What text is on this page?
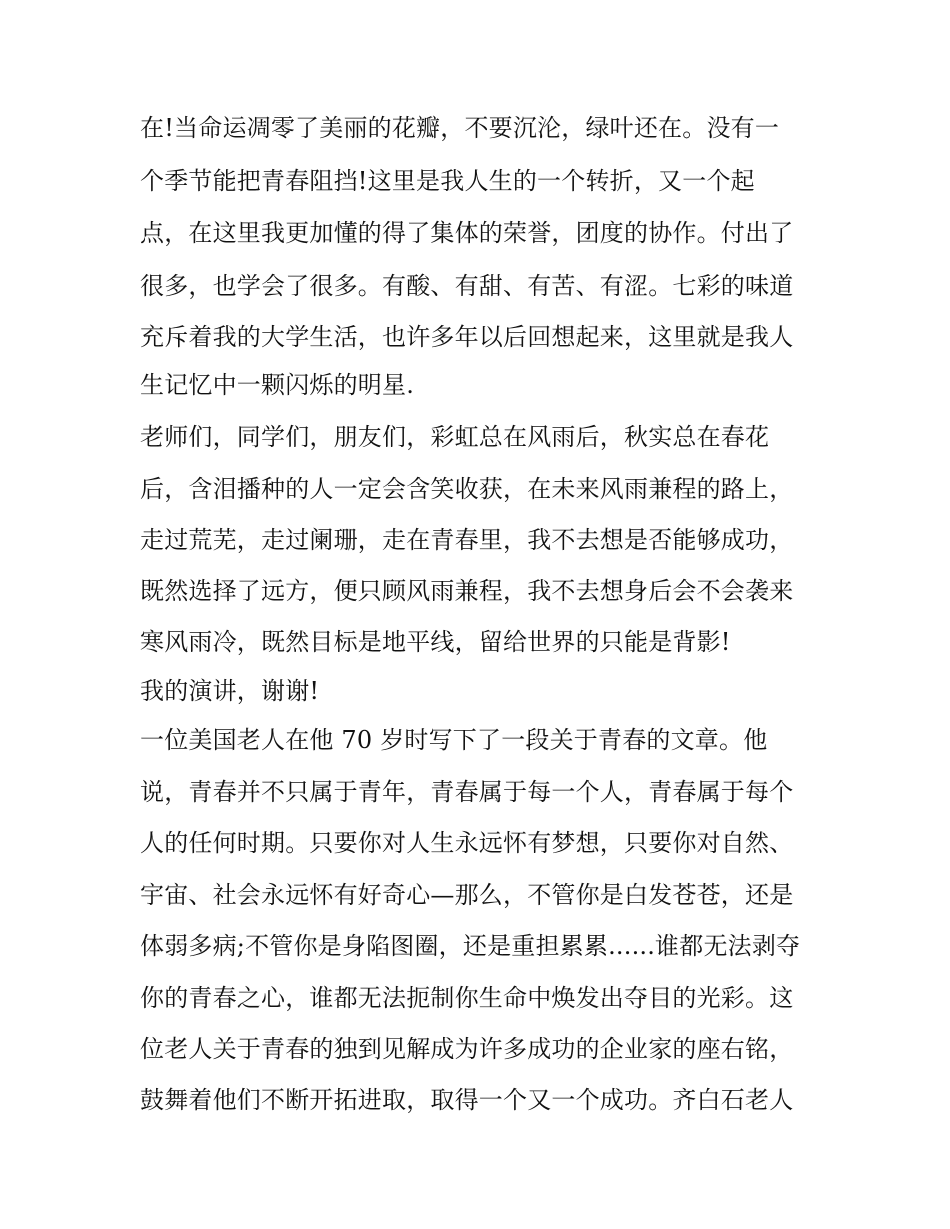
在!当命运凋零了美丽的花瓣，不要沉沦，绿叶还在。没有一
个季节能把青春阻挡!这里是我人生的一个转折，又一个起
点，在这里我更加懂的得了集体的荣誉，团度的协作。付出了
很多，也学会了很多。有酸、有甜、有苦、有涩。七彩的味道
充斥着我的大学生活，也许多年以后回想起来，这里就是我人
生记忆中一颗闪烁的明星.
老师们，同学们，朋友们，彩虹总在风雨后，秋实总在春花
后，含泪播种的人一定会含笑收获，在未来风雨兼程的路上，
走过荒芜，走过阑珊，走在青春里，我不去想是否能够成功，
既然选择了远方，便只顾风雨兼程，我不去想身后会不会袭来
寒风雨冷，既然目标是地平线，留给世界的只能是背影!
我的演讲，谢谢!
一位美国老人在他 70 岁时写下了一段关于青春的文章。他
说，青春并不只属于青年，青春属于每一个人，青春属于每个
人的任何时期。只要你对人生永远怀有梦想，只要你对自然、
宇宙、社会永远怀有好奇心—那么，不管你是白发苍苍，还是
体弱多病;不管你是身陷图圈，还是重担累累......谁都无法剥夺
你的青春之心，谁都无法扼制你生命中焕发出夺目的光彩。这
位老人关于青春的独到见解成为许多成功的企业家的座右铭，
鼓舞着他们不断开拓进取，取得一个又一个成功。齐白石老人
